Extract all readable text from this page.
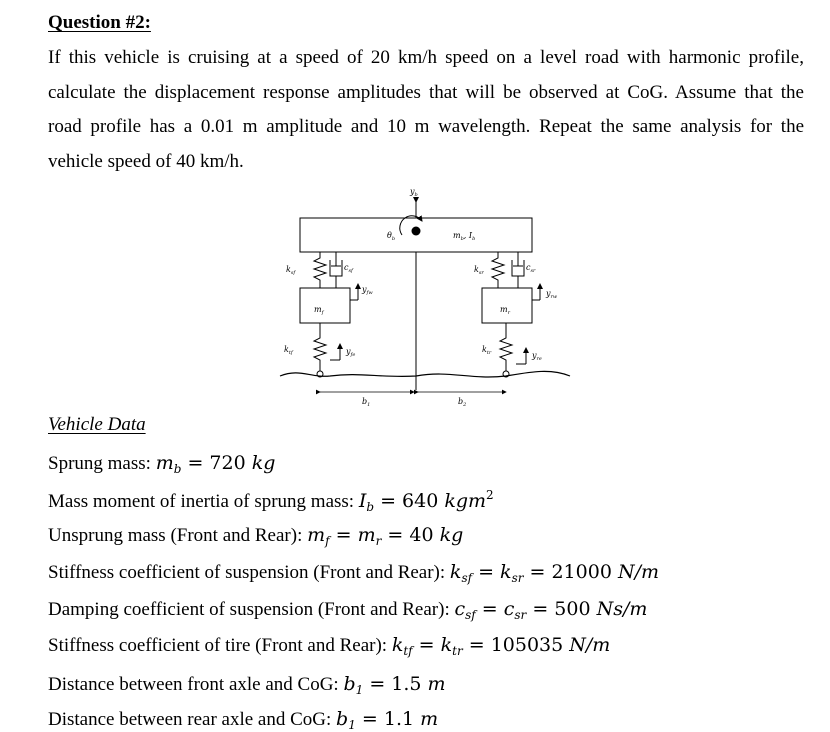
Question #2:
If this vehicle is cruising at a speed of 20 km/h speed on a level road with harmonic profile,
calculate the displacement response amplitudes that will be observed at CoG. Assume that the
road profile has a 0.01 m amplitude and 10 m wavelength. Repeat the same analysis for the
vehicle speed of 40 km/h.
$y_b$
$\theta_b$	$m_b$, $I_b$
$k_{sf}$
$c_{sf}$
$y_{fw}$
$m_f$
$k_{tf}$	$y_{fe}$
$k_{sr}$
$c_{sr}$
$y_{rw}$
$m_r$
$k_{tr}$	$y_{re}$
$b_1$	$b_2$
Vehicle Data
Sprung mass: $m_b = 720$ kg
Mass moment of inertia of sprung mass: $I_b = 640$ kgm$^2$
Unsprung mass (Front and Rear): $m_f = m_r = 40$ kg
Stiffness coefficient of suspension (Front and Rear): $k_{sf} = k_{sr} = 21000$ N/m
Damping coefficient of suspension (Front and Rear): $c_{sf} = c_{sr} = 500$ Ns/m
Stiffness coefficient of tire (Front and Rear): $k_{tf} = k_{tr} = 105035$ N/m
Distance between front axle and CoG: $b_1 = 1.5$ m
Distance between rear axle and CoG: $b_1 = 1.1$ m
